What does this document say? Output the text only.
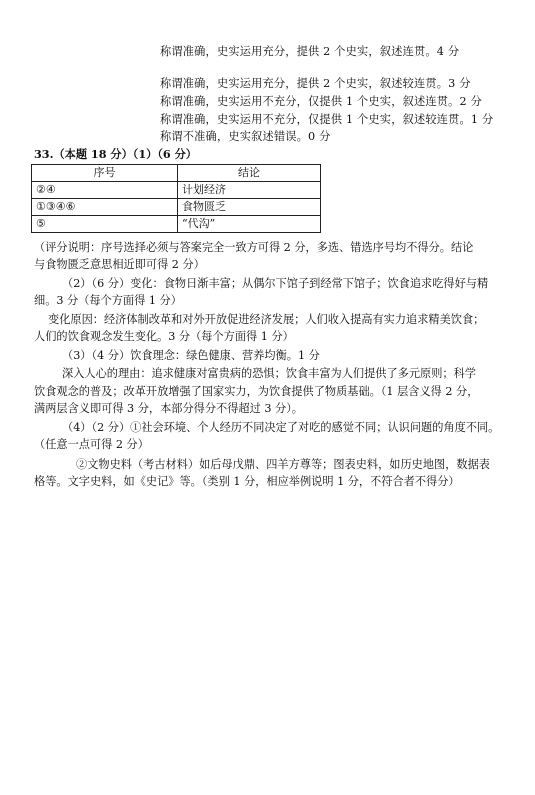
称谓准确，史实运用充分，提供 2 个史实，叙述连贯。4 分
称谓准确，史实运用充分，提供 2 个史实，叙述较连贯。3 分
称谓准确，史实运用不充分，仅提供 1 个史实，叙述连贯。2 分
称谓准确，史实运用不充分，仅提供 1 个史实，叙述较连贯。1 分
称谓不准确，史实叙述错误。0 分
33.（本题 18 分）（1）（6 分）
序号	结论
②④	计划经济
①③④⑥	食物匮乏
⑤	“代沟”
（评分说明：序号选择必须与答案完全一致方可得 2 分，多选、错选序号均不得分。结论
与食物匮乏意思相近即可得 2 分）
（2）（6 分）变化：食物日渐丰富；从偶尔下馆子到经常下馆子；饮食追求吃得好与精
细。3 分（每个方面得 1 分）
变化原因：经济体制改革和对外开放促进经济发展；人们收入提高有实力追求精美饮食；
人们的饮食观念发生变化。3 分（每个方面得 1 分）
（3）（4 分）饮食理念：绿色健康、营养均衡。1 分
深入人心的理由：追求健康对富贵病的恐惧；饮食丰富为人们提供了多元原则；科学
饮食观念的普及；改革开放增强了国家实力，为饮食提供了物质基础。（1 层含义得 2 分，
满两层含义即可得 3 分，本部分得分不得超过 3 分）。
（4）（2 分）①社会环境、个人经历不同决定了对吃的感觉不同；认识问题的角度不同。
（任意一点可得 2 分）
②文物史料（考古材料）如后母戊鼎、四羊方尊等；图表史料，如历史地图，数据表
格等。文字史料，如《史记》等。（类别 1 分，相应举例说明 1 分，不符合者不得分）
